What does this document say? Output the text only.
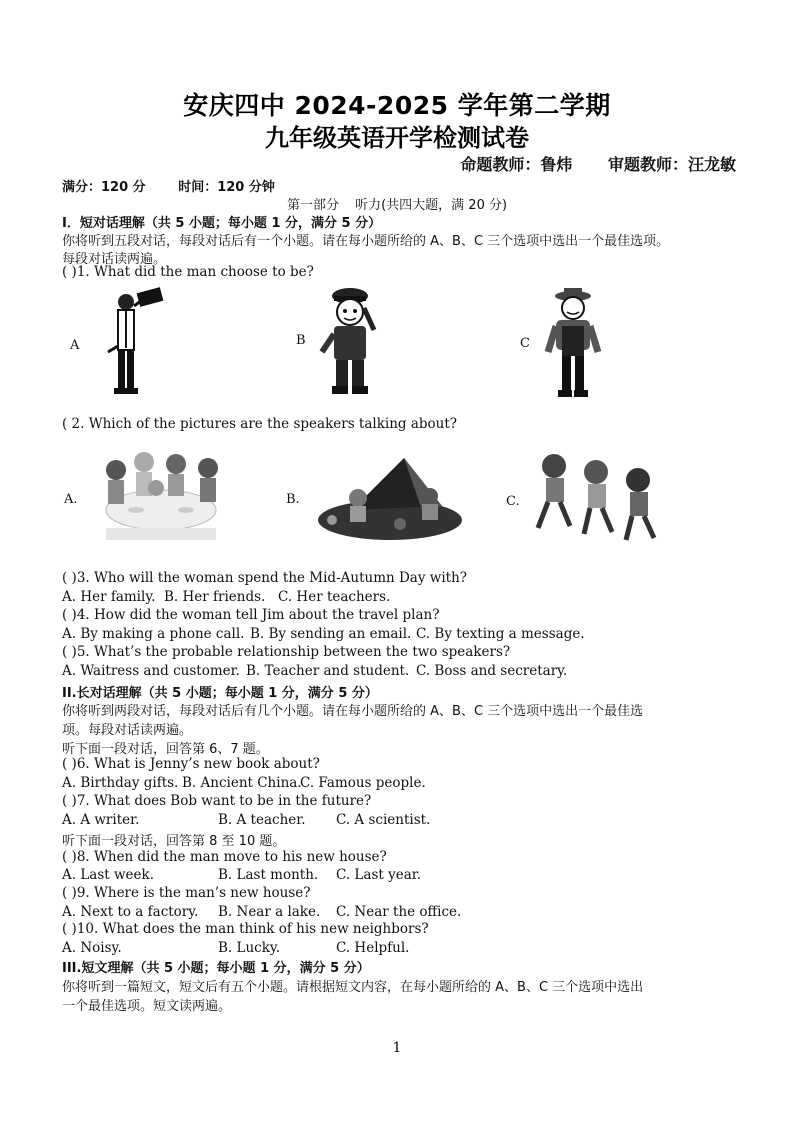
安庆四中 2024-2025 学年第二学期
九年级英语开学检测试卷
命题教师：鲁炜 审题教师：汪龙敏
满分：120 分	时间：120 分钟
第一部分 听力(共四大题，满 20 分)
I．短对话理解（共 5 小题；每小题 1 分，满分 5 分）
你将听到五段对话，每段对话后有一个小题。请在每小题所给的 A、B、C 三个选项中选出一个最佳选项。
每段对话读两遍。
( )1. What did the man choose to be?
A	B	C
( 2. Which of the pictures are the speakers talking about?
A.	B.	C.
( )3. Who will the woman spend the Mid-Autumn Day with?
A. Her family. B. Her friends. C. Her teachers.
( )4. How did the woman tell Jim about the travel plan?
A. By making a phone call. B. By sending an email. C. By texting a message.
( )5. What’s the probable relationship between the two speakers?
A. Waitress and customer. B. Teacher and student. C. Boss and secretary.
II.长对话理解（共 5 小题；每小题 1 分，满分 5 分）
你将听到两段对话，每段对话后有几个小题。请在每小题所给的 A、B、C 三个选项中选出一个最佳选
项。每段对话读两遍。
听下面一段对话，回答第 6、7 题。
( )6. What is Jenny’s new book about?
A. Birthday gifts. B. Ancient China.C. Famous people.
( )7. What does Bob want to be in the future?
A. A writer.	B. A teacher. C. A scientist.
听下面一段对话，回答第 8 至 10 题。
( )8. When did the man move to his new house?
A. Last week.	B. Last month. C. Last year.
( )9. Where is the man’s new house?
A. Next to a factory. B. Near a lake. C. Near the office.
( )10. What does the man think of his new neighbors?
A. Noisy.	B. Lucky.	C. Helpful.
III.短文理解（共 5 小题；每小题 1 分，满分 5 分）
你将听到一篇短文，短文后有五个小题。请根据短文内容，在每小题所给的 A、B、C 三个选项中选出
一个最佳选项。短文读两遍。
1
